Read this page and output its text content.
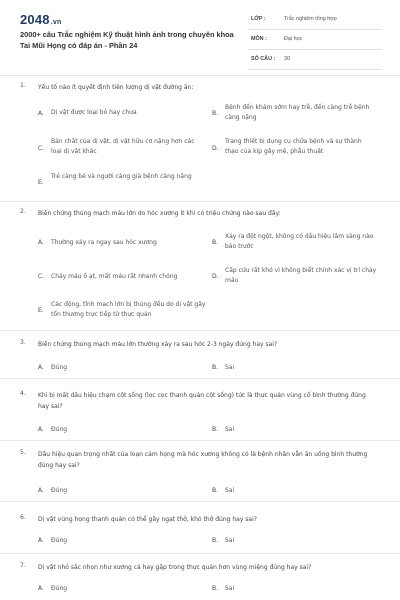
2048.vn
2000+ câu Trắc nghiệm Kỹ thuật hình ảnh trong chuyên khoa Tai Mũi Họng có đáp án - Phần 24
LỚP :	Trắc nghiệm tổng hợp
MÔN :	Đại học
SỐ CÂU : 30
1. Yếu tố nào ít quyết định tiên lượng dị vật đường ăn:
A. Dị vật được loại bỏ hay chưa	B.
Bệnh đến khám sớm hay trễ, đến càng trễ bệnh càng nặng
C.
Bản chất của dị vật, dị vật hữu cơ nặng hơn các loại dị vật khác	D.
Trang thiết bị dụng cụ chữa bệnh và sự thành thạo của kíp gây mê, phẫu thuật
E.
Trẻ càng bé và người càng già bệnh càng nặng
2. Biến chứng thủng mạch máu lớn do hóc xương ít khi có triệu chứng nào sau đây:
A. Thường xảy ra ngay sau hóc xương	B.
Xảy ra đột ngột, không có dấu hiệu lâm sàng nào báo trước
C. Chảy máu ồ ạt, mất máu rất nhanh chóng	D.
Cấp cứu rất khó vì không biết chính xác vị trí chảy máu
E.
Các động, tĩnh mạch lớn bị thủng đều do dị vật gây tổn thương trực tiếp từ thực quản
3. Biến chứng thủng mạch máu lớn thường xảy ra sau hóc 2-3 ngày đúng hay sai?
A. Đúng	B. Sai
4. Khi bị mất dấu hiệu chạm cột sống (lọc cọc thanh quản cột sống) tức là thực quản vùng cổ bình thường đúng hay sai?
A. Đúng	B. Sai
5. Dấu hiệu quan trọng nhất của loạn cảm họng mà hóc xương không có là bệnh nhân vẫn ăn uống bình thường đúng hay sai?
A. Đúng	B. Sai
6. Dị vật vùng họng thanh quản có thể gây ngạt thở, khó thở đúng hay sai?
A. Đúng	B. Sai
7. Dị vật nhỏ sắc nhọn như xương cá hay gặp trong thực quản hơn vùng miệng đúng hay sai?
A. Đúng	B. Sai
